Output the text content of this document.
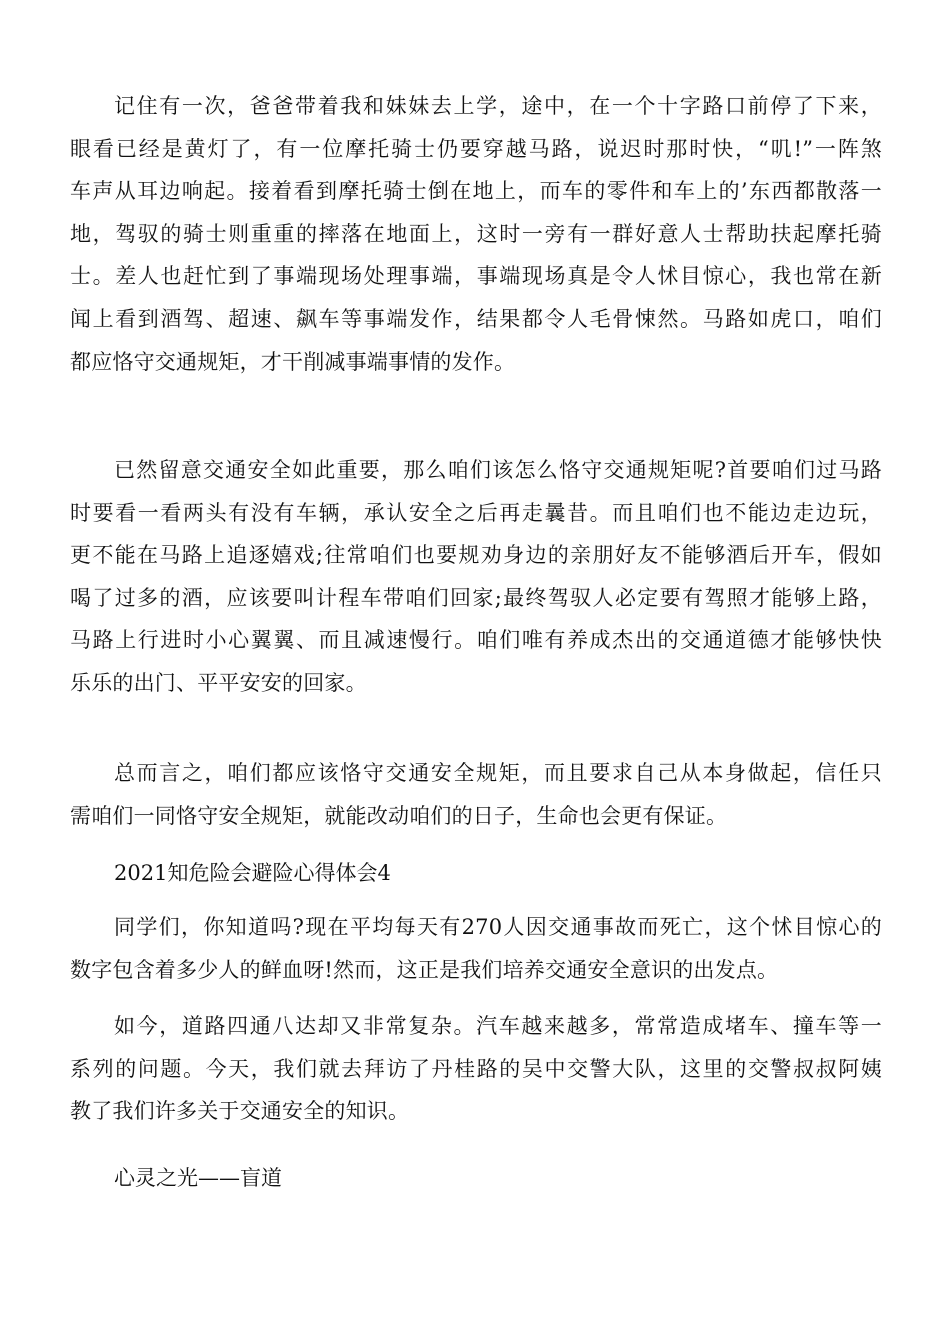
记住有一次，爸爸带着我和妹妹去上学，途中，在一个十字路口前停了下来，
眼看已经是黄灯了，有一位摩托骑士仍要穿越马路，说迟时那时快，“叽!”一阵煞
车声从耳边响起。接着看到摩托骑士倒在地上，而车的零件和车上的’东西都散落一
地，驾驭的骑士则重重的摔落在地面上，这时一旁有一群好意人士帮助扶起摩托骑
士。差人也赶忙到了事端现场处理事端，事端现场真是令人怵目惊心，我也常在新
闻上看到酒驾、超速、飙车等事端发作，结果都令人毛骨悚然。马路如虎口，咱们
都应恪守交通规矩，才干削减事端事情的发作。
已然留意交通安全如此重要，那么咱们该怎么恪守交通规矩呢?首要咱们过马路
时要看一看两头有没有车辆，承认安全之后再走曩昔。而且咱们也不能边走边玩，
更不能在马路上追逐嬉戏;往常咱们也要规劝身边的亲朋好友不能够酒后开车，假如
喝了过多的酒，应该要叫计程车带咱们回家;最终驾驭人必定要有驾照才能够上路，
马路上行进时小心翼翼、而且减速慢行。咱们唯有养成杰出的交通道德才能够快快
乐乐的出门、平平安安的回家。
总而言之，咱们都应该恪守交通安全规矩，而且要求自己从本身做起，信任只
需咱们一同恪守安全规矩，就能改动咱们的日子，生命也会更有保证。
2021知危险会避险心得体会4
同学们，你知道吗?现在平均每天有270人因交通事故而死亡，这个怵目惊心的
数字包含着多少人的鲜血呀!然而，这正是我们培养交通安全意识的出发点。
如今，道路四通八达却又非常复杂。汽车越来越多，常常造成堵车、撞车等一
系列的问题。今天，我们就去拜访了丹桂路的吴中交警大队，这里的交警叔叔阿姨
教了我们许多关于交通安全的知识。
心灵之光——盲道
